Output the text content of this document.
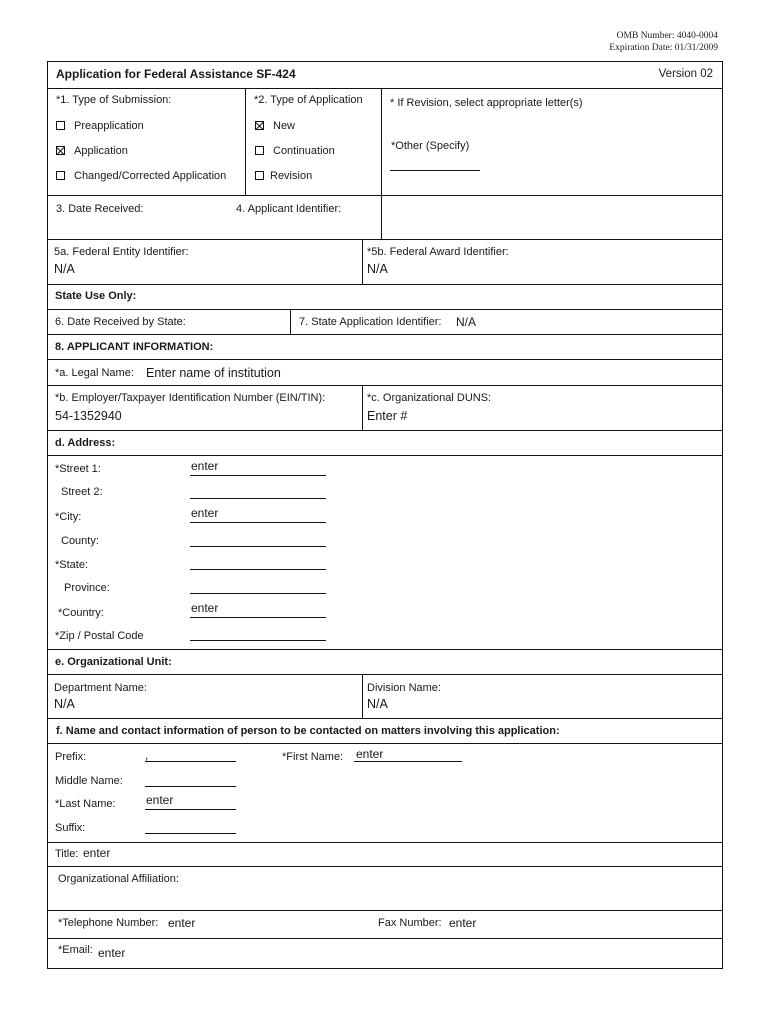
OMB Number: 4040-0004
Expiration Date: 01/31/2009
Application for Federal Assistance SF-424	Version 02
*1. Type of Submission:
Preapplication
Application
Changed/Corrected Application
*2. Type of Application
New
Continuation
Revision
* If Revision, select appropriate letter(s)
*Other (Specify)
3. Date Received:	4. Applicant Identifier:
5a. Federal Entity Identifier:
N/A
*5b. Federal Award Identifier:
N/A
State Use Only:
6. Date Received by State:	7. State Application Identifier: N/A
8. APPLICANT INFORMATION:
*a. Legal Name: Enter name of institution
*b. Employer/Taxpayer Identification Number (EIN/TIN):
54-1352940
*c. Organizational DUNS:
Enter #
d. Address:
*Street 1:	enter
Street 2:
*City:	enter
County:
*State:
Province:
*Country:	enter
*Zip / Postal Code
e. Organizational Unit:
Department Name:
N/A
Division Name:
N/A
f. Name and contact information of person to be contacted on matters involving this application:
Prefix:	,	*First Name: enter
Middle Name:
*Last Name:	enter
Suffix:
Title: enter
Organizational Affiliation:
*Telephone Number: enter	Fax Number: enter
*Email: enter
